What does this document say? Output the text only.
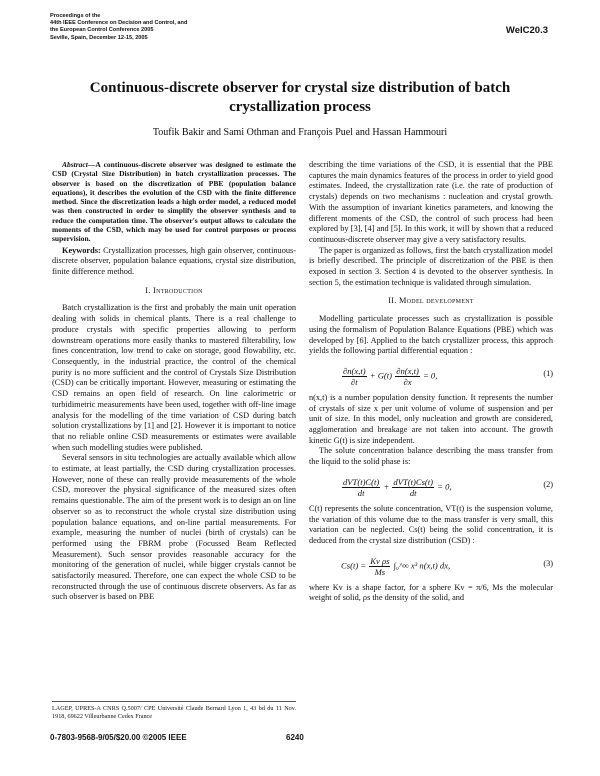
Proceedings of the
44th IEEE Conference on Decision and Control, and
the European Control Conference 2005
Seville, Spain, December 12-15, 2005
WeIC20.3
Continuous-discrete observer for crystal size distribution of batch crystallization process
Toufik Bakir and Sami Othman and François Puel and Hassan Hammouri

Abstract—A continuous-discrete observer was designed to estimate the CSD (Crystal Size Distribution) in batch crystallization processes. The observer is based on the discretization of PBE (population balance equations), it describes the evolution of the CSD with the finite difference method. Since the discretization leads a high order model, a reduced model was then constructed in order to simplify the observer synthesis and to reduce the computation time. The observer's output allows to calculate the moments of the CSD, which may be used for control purposes or process supervision.

Keywords: Crystallization processes, high gain observer, continuous-discrete observer, population balance equations, crystal size distribution, finite difference method.

I. Introduction

Batch crystallization is the first and probably the main unit operation dealing with solids in chemical plants. There is a real challenge to produce crystals with specific properties allowing to perform downstream operations more easily thanks to mastered filterability, low fines concentration, low trend to cake on storage, good flowability, etc. Consequently, in the industrial practice, the control of the chemical purity is no more sufficient and the control of Crystals Size Distribution (CSD) can be critically important. However, measuring or estimating the CSD remains an open field of research. On line calorimetric or turbidimetric measurements have been used, together with off-line image analysis for the modelling of the time variation of CSD during batch solution crystallizations by [1] and [2]. However it is important to notice that no reliable online CSD measurements or estimates were available when such modelling studies were published.

Several sensors in situ technologies are actually available which allow to estimate, at least partially, the CSD during crystallization processes. However, none of these can really provide measurements of the whole CSD, moreover the physical significance of the measured sizes often remains questionable. The aim of the present work is to design an on line observer so as to reconstruct the whole crystal size distribution using population balance equations, and on-line partial measurements. For example, measuring the number of nuclei (birth of crystals) can be performed using the FBRM probe (Focussed Beam Reflected Measurement). Such sensor provides reasonable accuracy for the monitoring of the generation of nuclei, while bigger crystals cannot be satisfactorily measured. Therefore, one can expect the whole CSD to be reconstructed through the use of continuous discrete observers. As far as such observer is based on PBE

LAGEP, UPRES-A CNRS Q.5007/ CPE Université Claude Bernard Lyon 1, 43 bd du 11 Nov. 1918, 69622 Villeurbanne Cedex France

describing the time variations of the CSD, it is essential that the PBE captures the main dynamics features of the process in order to yield good estimates. Indeed, the crystallization rate (i.e. the rate of production of crystals) depends on two mechanisms : nucleation and crystal growth. With the assumption of invariant kinetics parameters, and knowing the different moments of the CSD, the control of such process had been explored by [3], [4] and [5]. In this work, it will by shown that a reduced continuous-discrete observer may give a very satisfactory results.

The paper is organized as follows, first the batch crystallization model is briefly described. The principle of discretization of the PBE is then exposed in section 3. Section 4 is devoted to the observer synthesis. In section 5, the estimation technique is validated through simulation.

II. Model development

Modelling particulate processes such as crystallization is possible using the formalism of Population Balance Equations (PBE) which was developed by [6]. Applied to the batch crystallizer process, this approch yields the following partial differential equation :

$\frac{\partial n(x,t)}{\partial t} + G(t) \frac{\partial n(x,t)}{\partial x} = 0$,	(1)

n(x,t) is a number population density function. It represents the number of crystals of size x per unit volume of volume of suspension and per unit of size. In this model, only nucleation and growth are considered, agglomeration and breakage are not taken into account. The growth kinetic G(t) is size independent.

The solute concentration balance describing the mass transfer from the liquid to the solid phase is:

$\frac{\text{dVT(t)C(t)}}{dt} + \frac{\text{dVT(t)Cs(t)}}{dt} = 0$,	(2)

C(t) represents the solute concentration, VT(t) is the suspension volume, the variation of this volume due to the mass transfer is very small, this variation can be neglected. Cs(t) being the solid concentration, it is deduced from the crystal size distribution (CSD) :

$Cs(t) = \frac{\text{Kv ρs}}{Ms}$ ∫₀^∞ x³ n(x,t) dx,	(3)

where Kv is a shape factor, for a sphere Kv = π/6, Ms the molecular weight of solid, ρs the density of the solid, and

0-7803-9568-9/05/$20.00 ©2005 IEEE	6240
